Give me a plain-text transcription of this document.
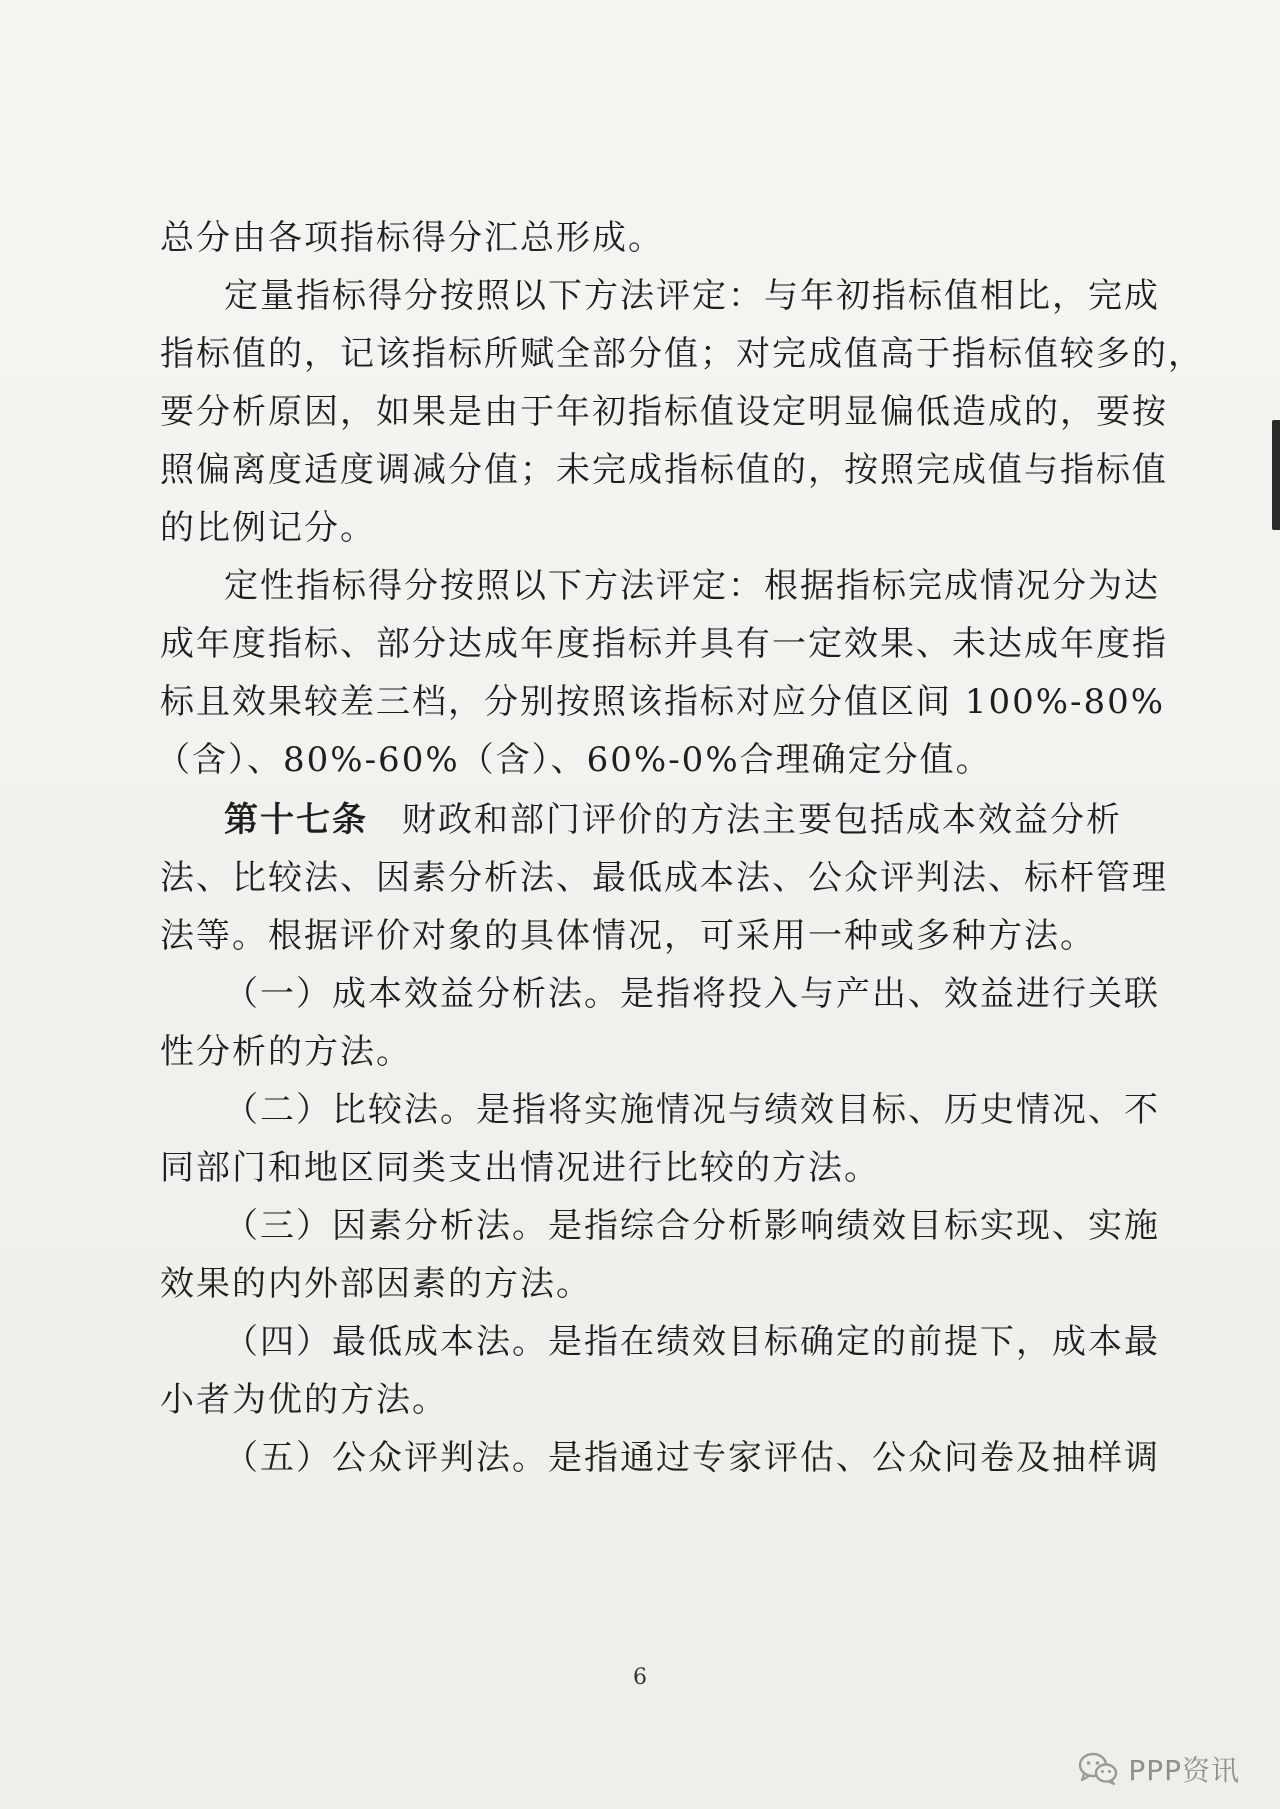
总分由各项指标得分汇总形成。
定量指标得分按照以下方法评定：与年初指标值相比，完成
指标值的，记该指标所赋全部分值；对完成值高于指标值较多的，
要分析原因，如果是由于年初指标值设定明显偏低造成的，要按
照偏离度适度调减分值；未完成指标值的，按照完成值与指标值
的比例记分。
定性指标得分按照以下方法评定：根据指标完成情况分为达
成年度指标、部分达成年度指标并具有一定效果、未达成年度指
标且效果较差三档，分别按照该指标对应分值区间 100%-80%
（含）、80%-60%（含）、60%-0%合理确定分值。
第十七条 财政和部门评价的方法主要包括成本效益分析
法、比较法、因素分析法、最低成本法、公众评判法、标杆管理
法等。根据评价对象的具体情况，可采用一种或多种方法。
（一）成本效益分析法。是指将投入与产出、效益进行关联
性分析的方法。
（二）比较法。是指将实施情况与绩效目标、历史情况、不
同部门和地区同类支出情况进行比较的方法。
（三）因素分析法。是指综合分析影响绩效目标实现、实施
效果的内外部因素的方法。
（四）最低成本法。是指在绩效目标确定的前提下，成本最
小者为优的方法。
（五）公众评判法。是指通过专家评估、公众问卷及抽样调
6
PPP资讯
